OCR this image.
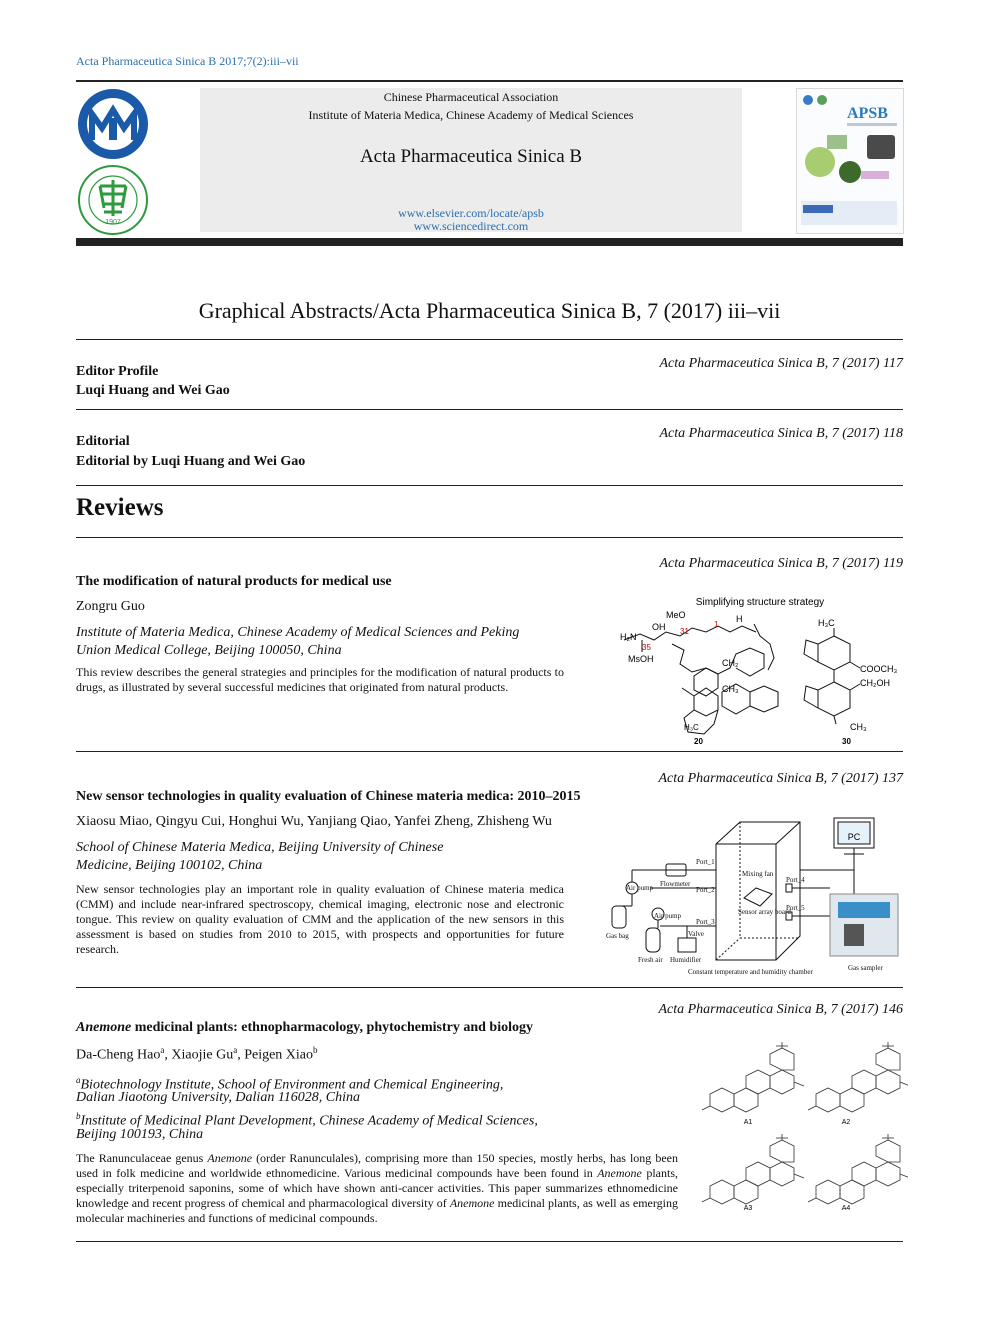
Acta Pharmaceutica Sinica B 2017;7(2):iii–vii
1907
Chinese Pharmaceutical Association
Institute of Materia Medica, Chinese Academy of Medical Sciences
Acta Pharmaceutica Sinica B
www.elsevier.com/locate/apsb
www.sciencedirect.com
APSB
Graphical Abstracts/Acta Pharmaceutica Sinica B, 7 (2017) iii–vii
Acta Pharmaceutica Sinica B, 7 (2017) 117
Editor Profile
Luqi Huang and Wei Gao
Acta Pharmaceutica Sinica B, 7 (2017) 118
Editorial
Editorial by Luqi Huang and Wei Gao
Reviews
Acta Pharmaceutica Sinica B, 7 (2017) 119
The modification of natural products for medical use
Zongru Guo
Institute of Materia Medica, Chinese Academy of Medical Sciences and Peking
Union Medical College, Beijing 100050, China
This review describes the general strategies and principles for the modification of natural products to drugs, as illustrated by several successful medicines that originated from natural products.
Simplifying structure strategy
MeO
OH
H₂N
MsOH	CH₂
CH₃
H₃C
H
1
31
35
20
H₃C
COOCH₃
CH₂OH
CH₃
30
Acta Pharmaceutica Sinica B, 7 (2017) 137
New sensor technologies in quality evaluation of Chinese materia medica: 2010–2015
Xiaosu Miao, Qingyu Cui, Honghui Wu, Yanjiang Qiao, Yanfei Zheng, Zhisheng Wu
School of Chinese Materia Medica, Beijing University of Chinese
Medicine, Beijing 100102, China
New sensor technologies play an important role in quality evaluation of Chinese materia medica (CMM) and include near-infrared spectroscopy, chemical imaging, electronic nose and electronic tongue. This review on quality evaluation of CMM and the application of the new sensors in this assessment is based on studies from 2010 to 2015, with prospects and opportunities for future research.
PC
Port_1
Port_2
Port_3
Port_4
Port_5
Flowmeter
Air pump
Air pump
Mixing fan
Sensor array board
Gas bag	Valve
Fresh air Humidifier
Constant temperature and humidity chamber	Gas sampler
Acta Pharmaceutica Sinica B, 7 (2017) 146
Anemone medicinal plants: ethnopharmacology, phytochemistry and biology
Da-Cheng Hao$^a$, Xiaojie Gu$^a$, Peigen Xiao$^b$
$^a$Biotechnology Institute, School of Environment and Chemical Engineering,
Dalian Jiaotong University, Dalian 116028, China
$^b$Institute of Medicinal Plant Development, Chinese Academy of Medical Sciences,
Beijing 100193, China
The Ranunculaceae genus Anemone (order Ranunculales), comprising more than 150 species, mostly herbs, has long been used in folk medicine and worldwide ethnomedicine. Various medicinal compounds have been found in Anemone plants, especially triterpenoid saponins, some of which have shown anti-cancer activities. This paper summarizes ethnomedicine knowledge and recent progress of chemical and pharmacological diversity of Anemone medicinal plants, as well as emerging molecular machineries and functions of medicinal compounds.
A1	A2
A3	A4
